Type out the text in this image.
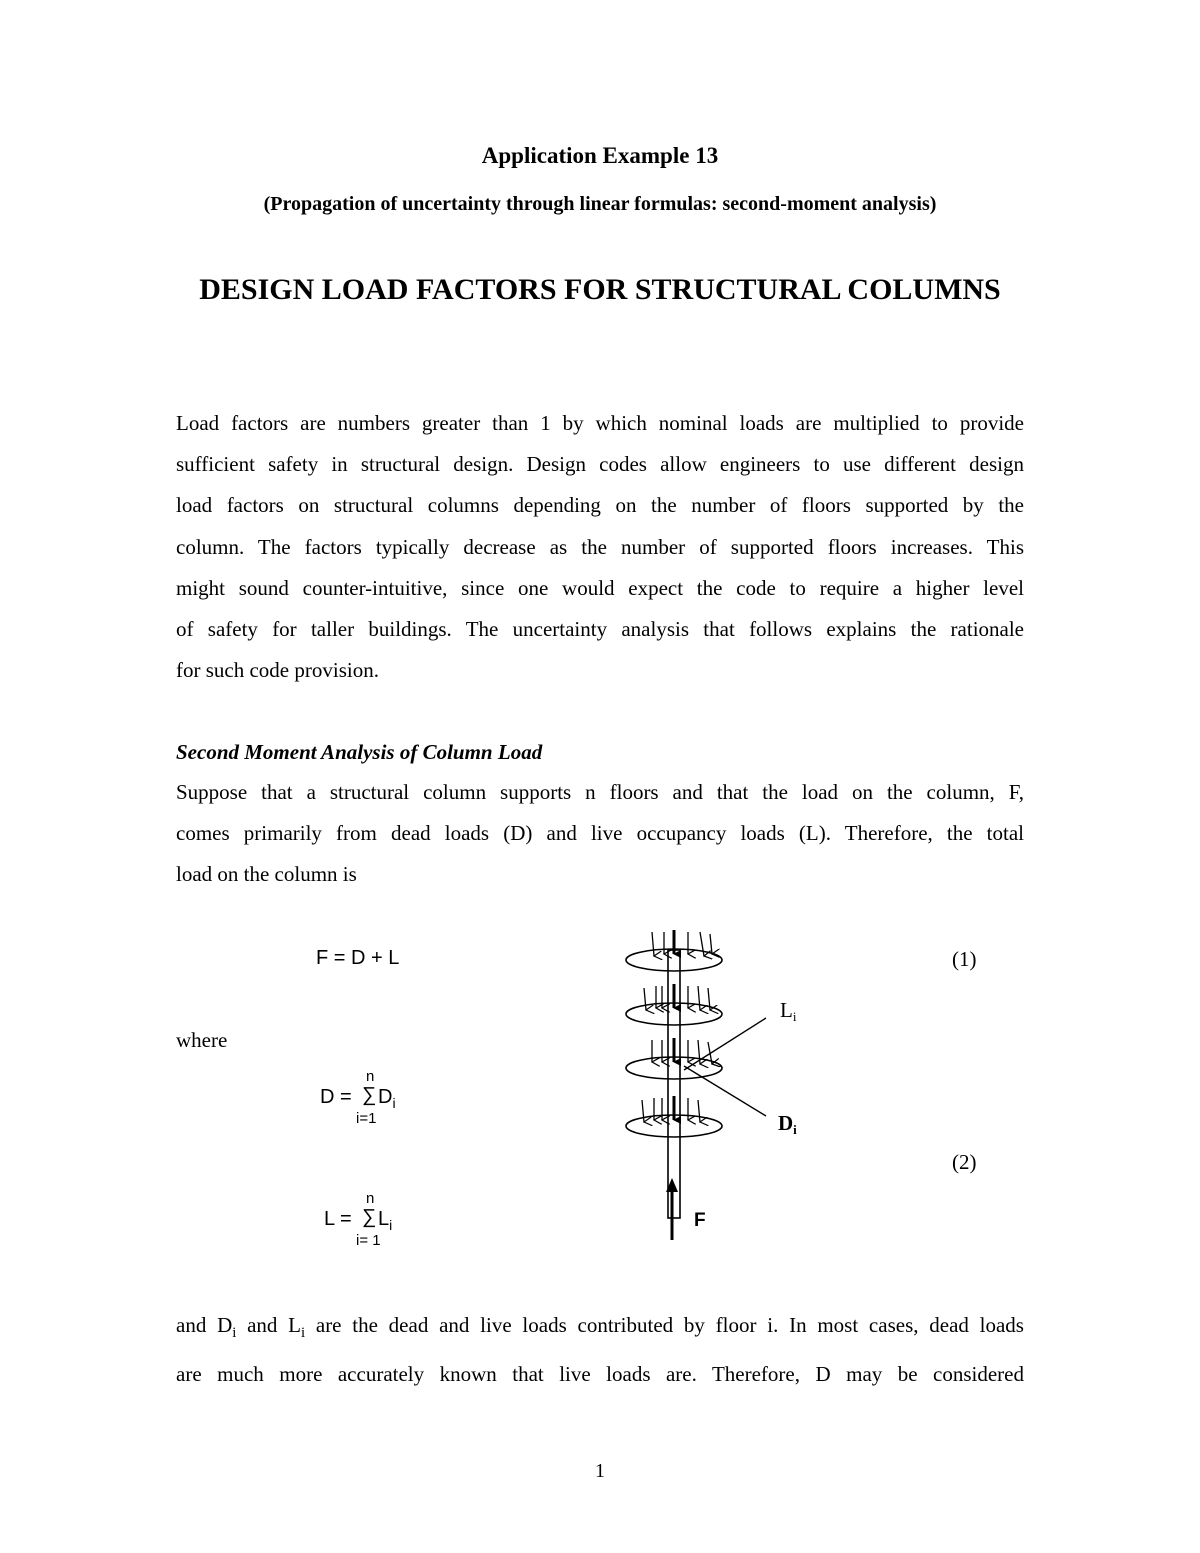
Application Example 13
(Propagation of uncertainty through linear formulas: second-moment analysis)
DESIGN LOAD FACTORS FOR STRUCTURAL COLUMNS
Load factors are numbers greater than 1 by which nominal loads are multiplied to provide
sufficient safety in structural design. Design codes allow engineers to use different design
load factors on structural columns depending on the number of floors supported by the
column. The factors typically decrease as the number of supported floors increases. This
might sound counter-intuitive, since one would expect the code to require a higher level
of safety for taller buildings. The uncertainty analysis that follows explains the rationale
for such code provision.
Second Moment Analysis of Column Load
Suppose that a structural column supports n floors and that the load on the column, F,
comes primarily from dead loads (D) and live occupancy loads (L). Therefore, the total
load on the column is
F = D + L	(1)
where
D =
n
∑ $D_i$
i=1
L =
n
∑ $L_i$
i= 1
(2)
Li
Di
F
and $D_i$ and $L_i$ are the dead and live loads contributed by floor i. In most cases, dead loads
are much more accurately known that live loads are. Therefore, D may be considered
1
